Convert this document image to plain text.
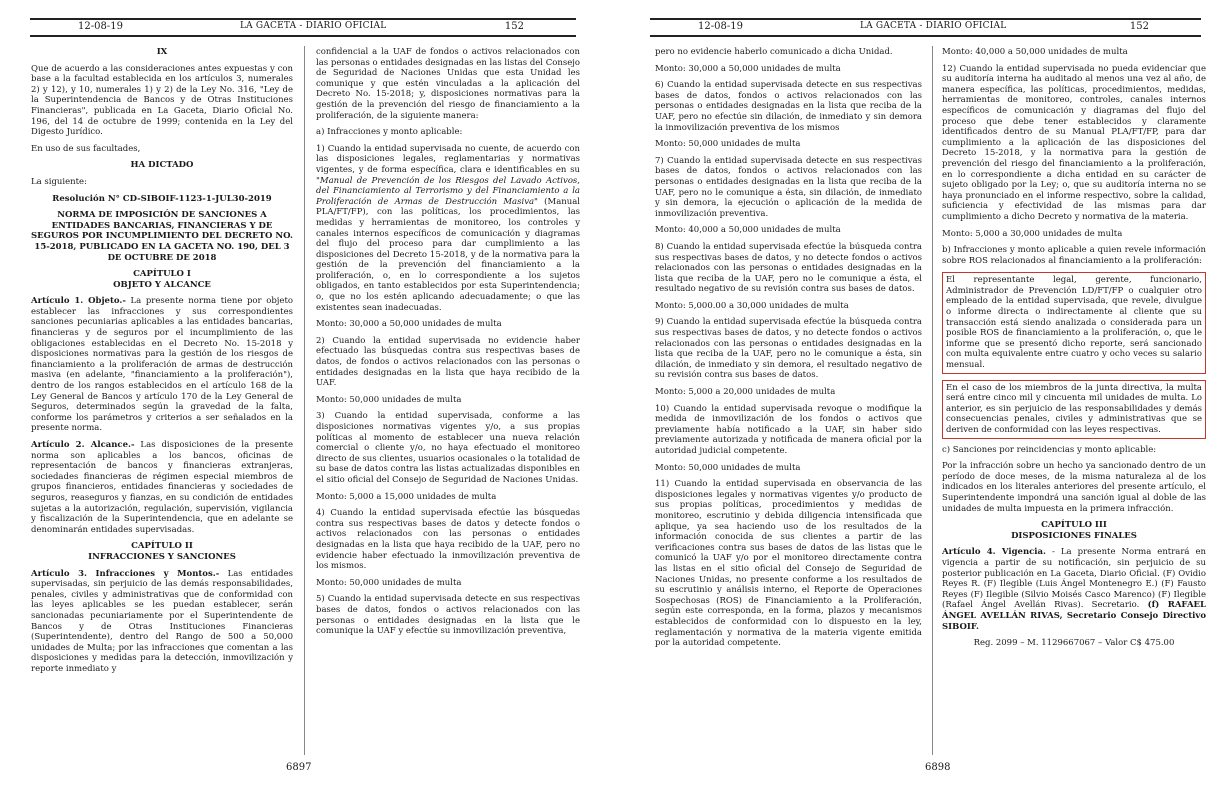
12-08-19	LA GACETA - DIARIO OFICIAL	152

IX

Que de acuerdo a las consideraciones antes expuestas y con base a la facultad establecida en los artículos 3, numerales 2) y 12), y 10, numerales 1) y 2) de la Ley No. 316, "Ley de la Superintendencia de Bancos y de Otras Instituciones Financieras", publicada en La Gaceta, Diario Oficial No. 196, del 14 de octubre de 1999; contenida en la Ley del Digesto Jurídico.

En uso de sus facultades,

HA DICTADO

La siguiente:

Resolución N° CD-SIBOIF-1123-1-JUL30-2019

NORMA DE IMPOSICIÓN DE SANCIONES A ENTIDADES BANCARIAS, FINANCIERAS Y DE SEGUROS POR INCUMPLIMIENTO DEL DECRETO NO. 15-2018, PUBLICADO EN LA GACETA NO. 190, DEL 3 DE OCTUBRE DE 2018

CAPÍTULO I

OBJETO Y ALCANCE

Artículo 1. Objeto.- La presente norma tiene por objeto establecer las infracciones y sus correspondientes sanciones pecuniarias aplicables a las entidades bancarias, financieras y de seguros por el incumplimiento de las obligaciones establecidas en el Decreto No. 15-2018 y disposiciones normativas para la gestión de los riesgos de financiamiento a la proliferación de armas de destrucción masiva (en adelante, "financiamiento a la proliferación"), dentro de los rangos establecidos en el artículo 168 de la Ley General de Bancos y artículo 170 de la Ley General de Seguros, determinados según la gravedad de la falta, conforme los parámetros y criterios a ser señalados en la presente norma.

Artículo 2. Alcance.- Las disposiciones de la presente norma son aplicables a los bancos, oficinas de representación de bancos y financieras extranjeras, sociedades financieras de régimen especial miembros de grupos financieros, entidades financieras y sociedades de seguros, reaseguros y fianzas, en su condición de entidades sujetas a la autorización, regulación, supervisión, vigilancia y fiscalización de la Superintendencia, que en adelante se denominarán entidades supervisadas.

CAPÍTULO II

INFRACCIONES Y SANCIONES

Artículo 3. Infracciones y Montos.- Las entidades supervisadas, sin perjuicio de las demás responsabilidades, penales, civiles y administrativas que de conformidad con las leyes aplicables se les puedan establecer, serán sancionadas pecuniariamente por el Superintendente de Bancos y de Otras Instituciones Financieras (Superintendente), dentro del Rango de 500 a 50,000 unidades de Multa; por las infracciones que comentan a las disposiciones y medidas para la detección, inmovilización y reporte inmediato y

confidencial a la UAF de fondos o activos relacionados con las personas o entidades designadas en las listas del Consejo de Seguridad de Naciones Unidas que esta Unidad les comunique y que estén vinculadas a la aplicación del Decreto No. 15-2018; y, disposiciones normativas para la gestión de la prevención del riesgo de financiamiento a la proliferación, de la siguiente manera:

a) Infracciones y monto aplicable:

1) Cuando la entidad supervisada no cuente, de acuerdo con las disposiciones legales, reglamentarias y normativas vigentes, y de forma específica, clara e identificables en su "Manual de Prevención de los Riesgos del Lavado Activos, del Financiamiento al Terrorismo y del Financiamiento a la Proliferación de Armas de Destrucción Masiva" (Manual PLA/FT/FP), con las políticas, los procedimientos, las medidas y herramientas de monitoreo, los controles y canales internos específicos de comunicación y diagramas del flujo del proceso para dar cumplimiento a las disposiciones del Decreto 15-2018, y de la normativa para la gestión de la prevención del financiamiento a la proliferación, o, en lo correspondiente a los sujetos obligados, en tanto establecidos por esta Superintendencia; o, que no los estén aplicando adecuadamente; o que las existentes sean inadecuadas.

Monto: 30,000 a 50,000 unidades de multa

2) Cuando la entidad supervisada no evidencie haber efectuado las búsquedas contra sus respectivas bases de datos, de fondos o activos relacionados con las personas o entidades designadas en la lista que haya recibido de la UAF.

Monto: 50,000 unidades de multa

3) Cuando la entidad supervisada, conforme a las disposiciones normativas vigentes y/o, a sus propias políticas al momento de establecer una nueva relación comercial o cliente y/o, no haya efectuado el monitoreo directo de sus clientes, usuarios ocasionales o la totalidad de su base de datos contra las listas actualizadas disponibles en el sitio oficial del Consejo de Seguridad de Naciones Unidas.

Monto: 5,000 a 15,000 unidades de multa

4) Cuando la entidad supervisada efectúe las búsquedas contra sus respectivas bases de datos y detecte fondos o activos relacionados con las personas o entidades designadas en la lista que haya recibido de la UAF, pero no evidencie haber efectuado la inmovilización preventiva de los mismos.

Monto: 50,000 unidades de multa

5) Cuando la entidad supervisada detecte en sus respectivas bases de datos, fondos o activos relacionados con las personas o entidades designadas en la lista que le comunique la UAF y efectúe su inmovilización preventiva,

6897
12-08-19	LA GACETA - DIARIO OFICIAL	152

pero no evidencie haberlo comunicado a dicha Unidad.

Monto: 30,000 a 50,000 unidades de multa

6) Cuando la entidad supervisada detecte en sus respectivas bases de datos, fondos o activos relacionados con las personas o entidades designadas en la lista que reciba de la UAF, pero no efectúe sin dilación, de inmediato y sin demora la inmovilización preventiva de los mismos

Monto: 50,000 unidades de multa

7) Cuando la entidad supervisada detecte en sus respectivas bases de datos, fondos o activos relacionados con las personas o entidades designadas en la lista que reciba de la UAF, pero no le comunique a ésta, sin dilación, de inmediato y sin demora, la ejecución o aplicación de la medida de inmovilización preventiva.

Monto: 40,000 a 50,000 unidades de multa

8) Cuando la entidad supervisada efectúe la búsqueda contra sus respectivas bases de datos, y no detecte fondos o activos relacionados con las personas o entidades designadas en la lista que reciba de la UAF, pero no le comunique a ésta, el resultado negativo de su revisión contra sus bases de datos.

Monto: 5,000.00 a 30,000 unidades de multa

9) Cuando la entidad supervisada efectúe la búsqueda contra sus respectivas bases de datos, y no detecte fondos o activos relacionados con las personas o entidades designadas en la lista que reciba de la UAF, pero no le comunique a ésta, sin dilación, de inmediato y sin demora, el resultado negativo de su revisión contra sus bases de datos.

Monto: 5,000 a 20,000 unidades de multa

10) Cuando la entidad supervisada revoque o modifique la medida de inmovilización de los fondos o activos que previamente había notificado a la UAF, sin haber sido previamente autorizada y notificada de manera oficial por la autoridad judicial competente.

Monto: 50,000 unidades de multa

11) Cuando la entidad supervisada en observancia de las disposiciones legales y normativas vigentes y/o producto de sus propias políticas, procedimientos y medidas de monitoreo, escrutinio y debida diligencia intensificada que aplique, ya sea haciendo uso de los resultados de la información conocida de sus clientes a partir de las verificaciones contra sus bases de datos de las listas que le comunicó la UAF y/o por el monitoreo directamente contra las listas en el sitio oficial del Consejo de Seguridad de Naciones Unidas, no presente conforme a los resultados de su escrutinio y análisis interno, el Reporte de Operaciones Sospechosas (ROS) de Financiamiento a la Proliferación, según este corresponda, en la forma, plazos y mecanismos establecidos de conformidad con lo dispuesto en la ley, reglamentación y normativa de la materia vigente emitida por la autoridad competente.

Monto: 40,000 a 50,000 unidades de multa

12) Cuando la entidad supervisada no pueda evidenciar que su auditoría interna ha auditado al menos una vez al año, de manera específica, las políticas, procedimientos, medidas, herramientas de monitoreo, controles, canales internos específicos de comunicación y diagramas del flujo del proceso que debe tener establecidos y claramente identificados dentro de su Manual PLA/FT/FP, para dar cumplimiento a la aplicación de las disposiciones del Decreto 15-2018, y la normativa para la gestión de prevención del riesgo del financiamiento a la proliferación, en lo correspondiente a dicha entidad en su carácter de sujeto obligado por la Ley; o, que su auditoría interna no se haya pronunciado en el informe respectivo, sobre la calidad, suficiencia y efectividad de las mismas para dar cumplimiento a dicho Decreto y normativa de la materia.

Monto: 5,000 a 30,000 unidades de multa

b) Infracciones y monto aplicable a quien revele información sobre ROS relacionados al financiamiento a la proliferación:

El representante legal, gerente, funcionario, Administrador de Prevención LD/FT/FP o cualquier otro empleado de la entidad supervisada, que revele, divulgue o informe directa o indirectamente al cliente que su transacción está siendo analizada o considerada para un posible ROS de financiamiento a la proliferación, o, que le informe que se presentó dicho reporte, será sancionado con multa equivalente entre cuatro y ocho veces su salario mensual.

En el caso de los miembros de la junta directiva, la multa será entre cinco mil y cincuenta mil unidades de multa. Lo anterior, es sin perjuicio de las responsabilidades y demás consecuencias penales, civiles y administrativas que se deriven de conformidad con las leyes respectivas.

c) Sanciones por reincidencias y monto aplicable:

Por la infracción sobre un hecho ya sancionado dentro de un período de doce meses, de la misma naturaleza al de los indicados en los literales anteriores del presente artículo, el Superintendente impondrá una sanción igual al doble de las unidades de multa impuesta en la primera infracción.

CAPÍTULO III

DISPOSICIONES FINALES

Artículo 4. Vigencia. - La presente Norma entrará en vigencia a partir de su notificación, sin perjuicio de su posterior publicación en La Gaceta, Diario Oficial. (F) Ovidio Reyes R. (F) Ilegible (Luis Ángel Montenegro E.) (F) Fausto Reyes (F) Ilegible (Silvio Moisés Casco Marenco) (F) Ilegible (Rafael Ángel Avellán Rivas). Secretario. (f) RAFAEL ÁNGEL AVELLÁN RIVAS, Secretario Consejo Directivo SIBOIF.

Reg. 2099 – M. 1129667067 – Valor C$ 475.00

6898
